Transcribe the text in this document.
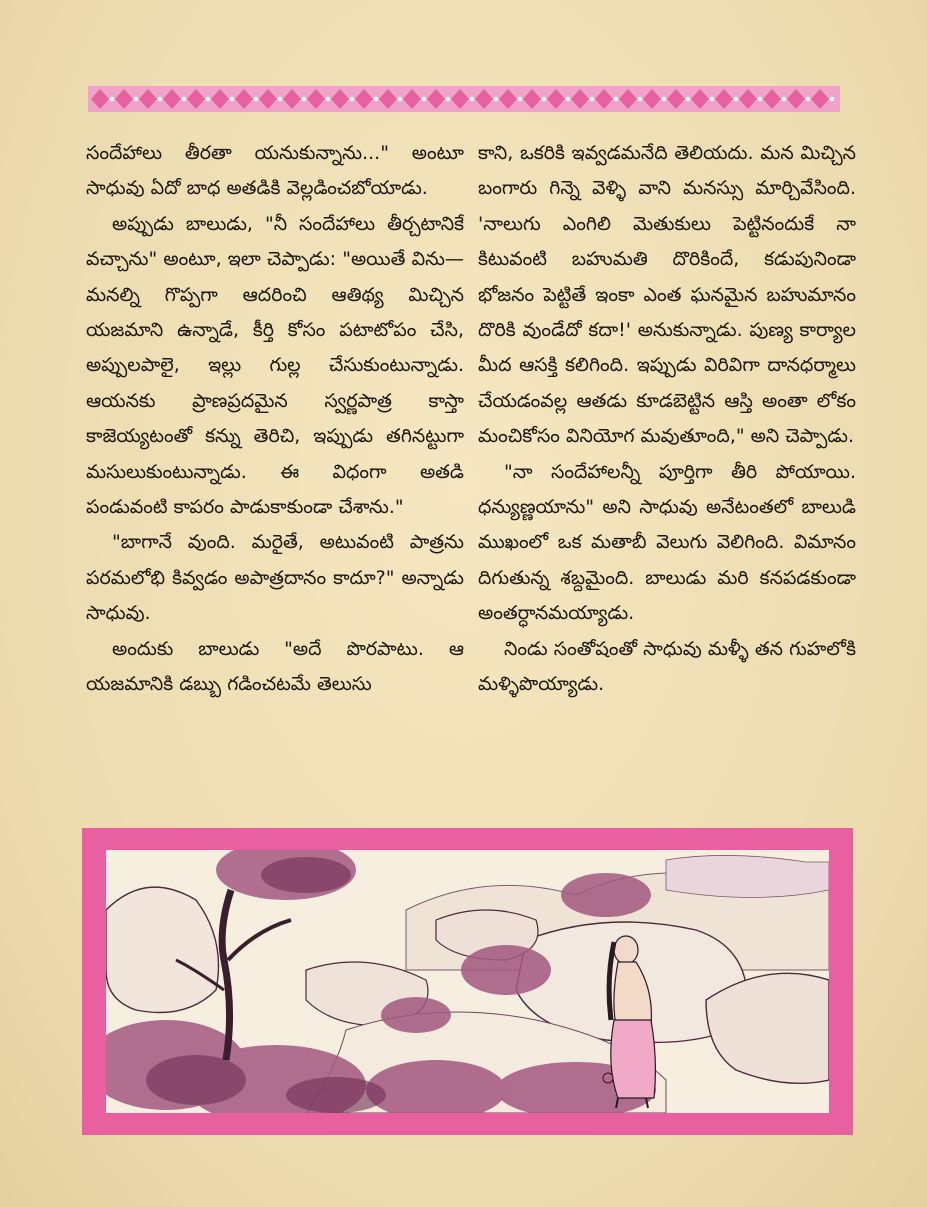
సందేహాలు తీరతా యనుకున్నాను..." అంటూ సాధువు ఏదో బాధ అతడికి వెల్లడించబోయాడు.

అప్పుడు బాలుడు, "నీ సందేహాలు తీర్చటానికే వచ్చాను" అంటూ, ఇలా చెప్పాడు: "అయితే విను—మనల్ని గొప్పగా ఆదరించి ఆతిథ్య మిచ్చిన యజమాని ఉన్నాడే, కీర్తి కోసం పటాటోపం చేసి, అప్పులపాలై, ఇల్లు గుల్ల చేసుకుంటున్నాడు. ఆయనకు ప్రాణప్రదమైన స్వర్ణపాత్ర కాస్తా కాజెయ్యటంతో కన్ను తెరిచి, ఇప్పుడు తగినట్టుగా మసులుకుంటున్నాడు. ఈ విధంగా అతడి పండువంటి కాపరం పాడుకాకుండా చేశాను."

"బాగానే వుంది. మరైతే, అటువంటి పాత్రను పరమలోభి కివ్వడం అపాత్రదానం కాదూ?" అన్నాడు సాధువు.

అందుకు బాలుడు "అదే పొరపాటు. ఆ యజమానికి డబ్బు గడించటమే తెలుసు

కాని, ఒకరికి ఇవ్వడమనేది తెలియదు. మన మిచ్చిన బంగారు గిన్నె వెళ్ళి వాని మనస్సు మార్చివేసింది. 'నాలుగు ఎంగిలి మెతుకులు పెట్టినందుకే నా కిటువంటి బహుమతి దొరికిందే, కడుపునిండా భోజనం పెట్టితే ఇంకా ఎంత ఘనమైన బహుమానం దొరికి వుండేదో కదా!' అనుకున్నాడు. పుణ్య కార్యాల మీద ఆసక్తి కలిగింది. ఇప్పుడు విరివిగా దానధర్మాలు చేయడంవల్ల ఆతడు కూడబెట్టిన ఆస్తి అంతా లోకం మంచికోసం వినియోగ మవుతూంది," అని చెప్పాడు.

"నా సందేహాలన్నీ పూర్తిగా తీరి పోయాయి. ధన్యుణ్ణయాను" అని సాధువు అనేటంతలో బాలుడి ముఖంలో ఒక మతాబీ వెలుగు వెలిగింది. విమానం దిగుతున్న శబ్దమైంది. బాలుడు మరి కనపడకుండా అంతర్ధానమయ్యాడు.

నిండు సంతోషంతో సాధువు మళ్ళీ తన గుహలోకి మళ్ళిపొయ్యాడు.
